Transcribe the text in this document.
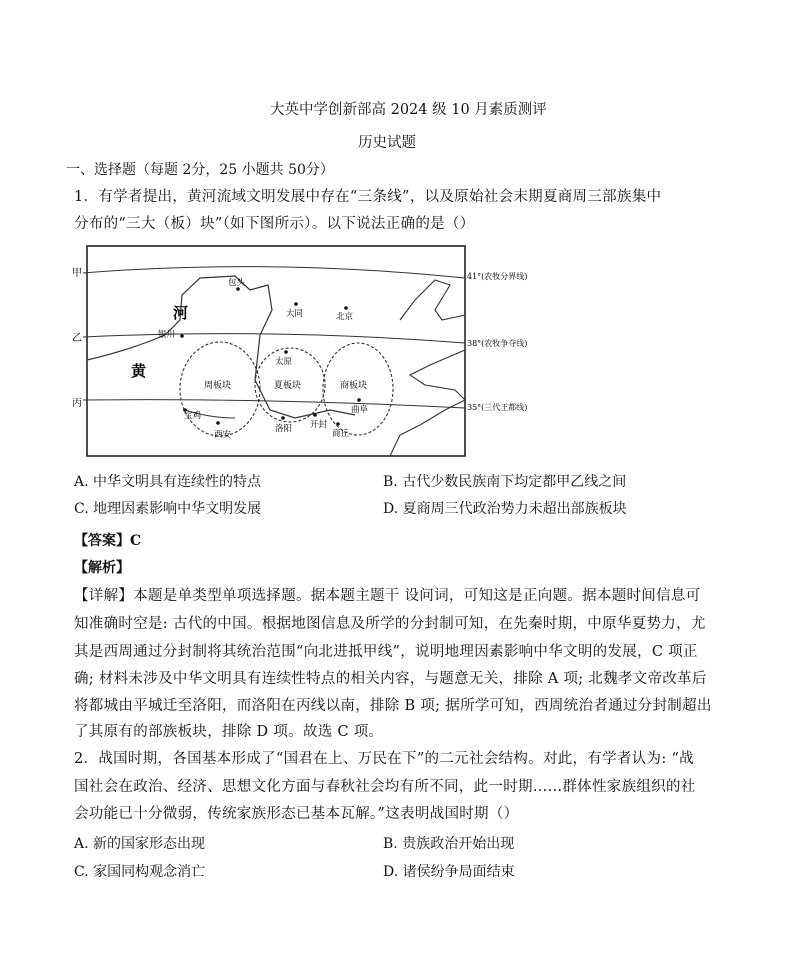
大英中学创新部高 2024 级 10 月素质测评
历史试题
一、选择题（每题 2分，25 小题共 50分）
1．有学者提出，黄河流域文明发展中存在“三条线”，以及原始社会末期夏商周三部族集中
分布的“三大（板）块”（如下图所示）。以下说法正确的是（）
甲
乙
丙
41°(农牧分界线)
38°(农牧争夺线)
35°(三代王都线)
河
黄
包头
大同	北京
银川
太原
曲阜
宝鸡
西安
洛阳 开封
商丘
周板块	夏板块	商板块
A. 中华文明具有连续性的特点	B. 古代少数民族南下均定都甲乙线之间
C. 地理因素影响中华文明发展	D. 夏商周三代政治势力未超出部族板块
【答案】C
【解析】
【详解】本题是单类型单项选择题。据本题主题干 设问词，可知这是正向题。据本题时间信息可
知准确时空是: 古代的中国。根据地图信息及所学的分封制可知，在先秦时期，中原华夏势力，尤
其是西周通过分封制将其统治范围“向北进抵甲线”，说明地理因素影响中华文明的发展，C 项正
确; 材料未涉及中华文明具有连续性特点的相关内容，与题意无关，排除 A 项; 北魏孝文帝改革后
将都城由平城迁至洛阳，而洛阳在丙线以南，排除 B 项; 据所学可知，西周统治者通过分封制超出
了其原有的部族板块，排除 D 项。故选 C 项。
2．战国时期，各国基本形成了“国君在上、万民在下”的二元社会结构。对此，有学者认为: “战
国社会在政治、经济、思想文化方面与春秋社会均有所不同，此一时期……群体性家族组织的社
会功能已十分微弱，传统家族形态已基本瓦解。”这表明战国时期（）
A. 新的国家形态出现	B. 贵族政治开始出现
C. 家国同构观念消亡	D. 诸侯纷争局面结束
